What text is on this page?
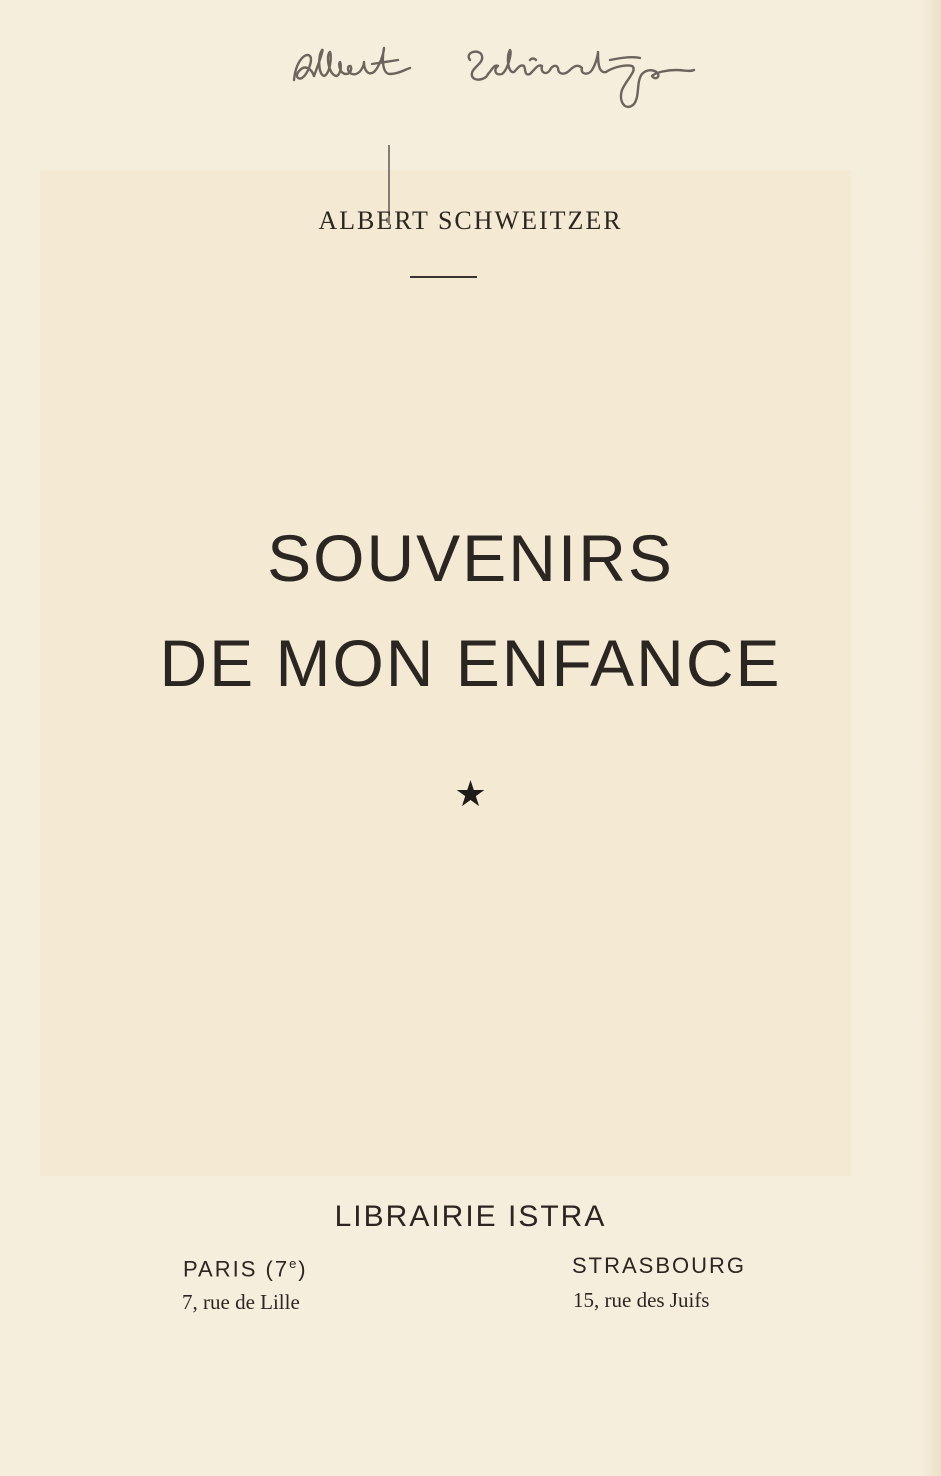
ALBERT SCHWEITZER
SOUVENIRS
DE MON ENFANCE
★
LIBRAIRIE ISTRA
PARIS (7e)
7, rue de Lille
STRASBOURG
15, rue des Juifs
